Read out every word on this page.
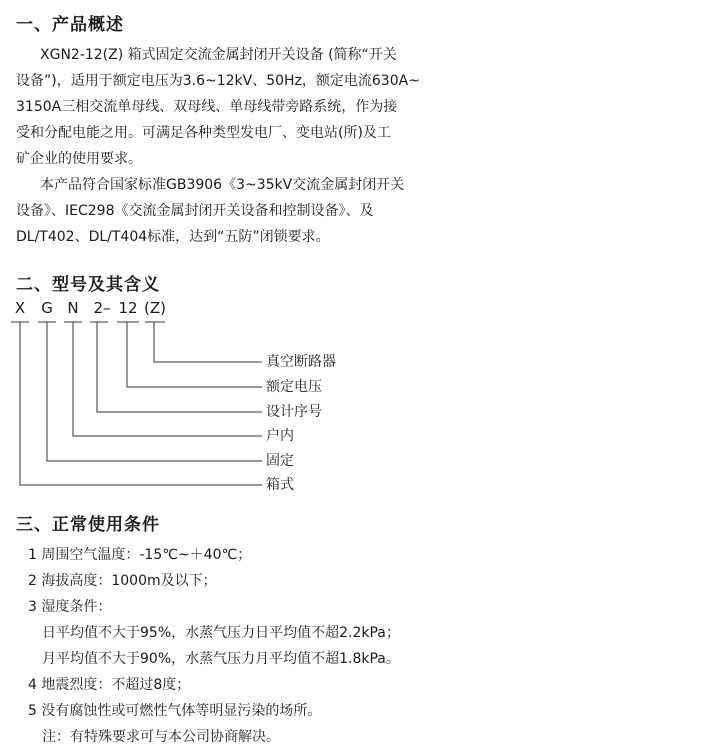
一、产品概述
XGN2-12(Z) 箱式固定交流金属封闭开关设备 (简称“开关
设备”)，适用于额定电压为3.6~12kV、50Hz，额定电流630A~
3150A三相交流单母线、双母线、单母线带旁路系统，作为接
受和分配电能之用。可满足各种类型发电厂、变电站(所)及工
矿企业的使用要求。
本产品符合国家标准GB3906《3~35kV交流金属封闭开关
设备》、IEC298《交流金属封闭开关设备和控制设备》、及
DL/T402、DL/T404标准，达到“五防”闭锁要求。
二、型号及其含义
X G N 2– 12 (Z)
真空断路器
额定电压
设计序号
户内
固定
箱式
三、正常使用条件
1 周围空气温度：-15℃~＋40℃；
2 海拔高度：1000m及以下；
3 湿度条件：
日平均值不大于95%，水蒸气压力日平均值不超2.2kPa；
月平均值不大于90%，水蒸气压力月平均值不超1.8kPa。
4 地震烈度：不超过8度；
5 没有腐蚀性或可燃性气体等明显污染的场所。
注：有特殊要求可与本公司协商解决。
